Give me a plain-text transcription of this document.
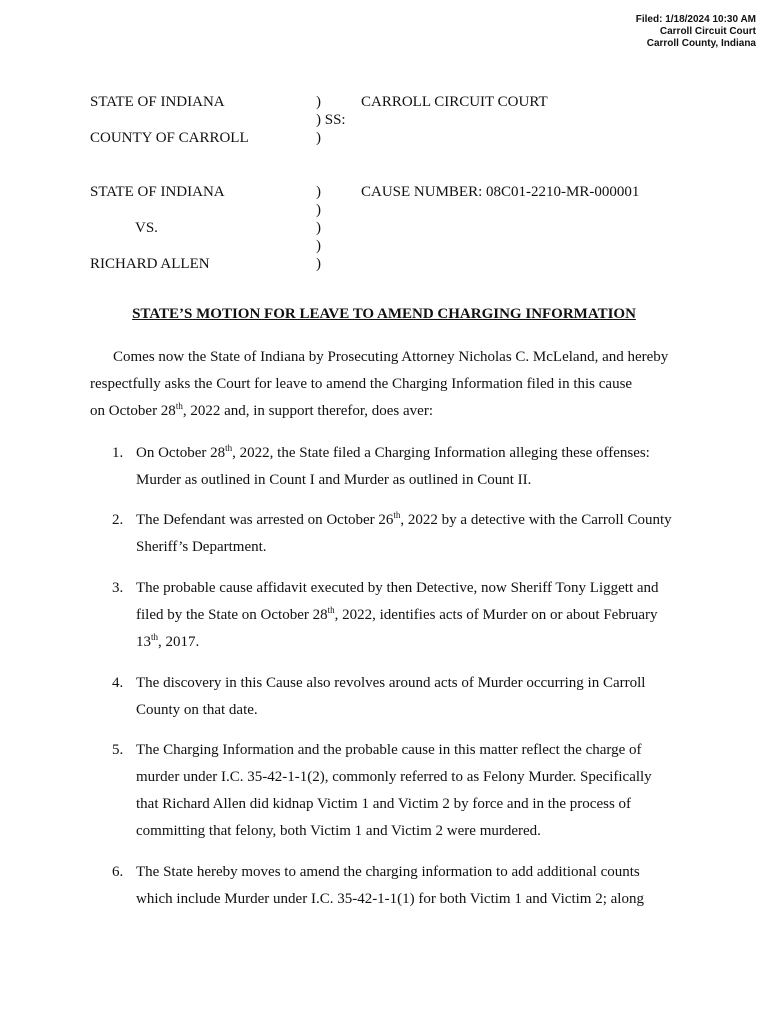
Filed: 1/18/2024 10:30 AM
Carroll Circuit Court
Carroll County, Indiana
STATE OF INDIANA	)	CARROLL CIRCUIT COURT
) SS:
COUNTY OF CARROLL	)
STATE OF INDIANA	)	CAUSE NUMBER: 08C01-2210-MR-000001
)
VS.	)
)
RICHARD ALLEN	)
STATE’S MOTION FOR LEAVE TO AMEND CHARGING INFORMATION
Comes now the State of Indiana by Prosecuting Attorney Nicholas C. McLeland, and hereby
respectfully asks the Court for leave to amend the Charging Information filed in this cause
on October 28th, 2022 and, in support therefor, does aver:
1. On October 28th, 2022, the State filed a Charging Information alleging these offenses:
Murder as outlined in Count I and Murder as outlined in Count II.
2. The Defendant was arrested on October 26th, 2022 by a detective with the Carroll County
Sheriff’s Department.
3. The probable cause affidavit executed by then Detective, now Sheriff Tony Liggett and
filed by the State on October 28th, 2022, identifies acts of Murder on or about February
13th, 2017.
4. The discovery in this Cause also revolves around acts of Murder occurring in Carroll
County on that date.
5. The Charging Information and the probable cause in this matter reflect the charge of
murder under I.C. 35-42-1-1(2), commonly referred to as Felony Murder. Specifically
that Richard Allen did kidnap Victim 1 and Victim 2 by force and in the process of
committing that felony, both Victim 1 and Victim 2 were murdered.
6. The State hereby moves to amend the charging information to add additional counts
which include Murder under I.C. 35-42-1-1(1) for both Victim 1 and Victim 2; along
